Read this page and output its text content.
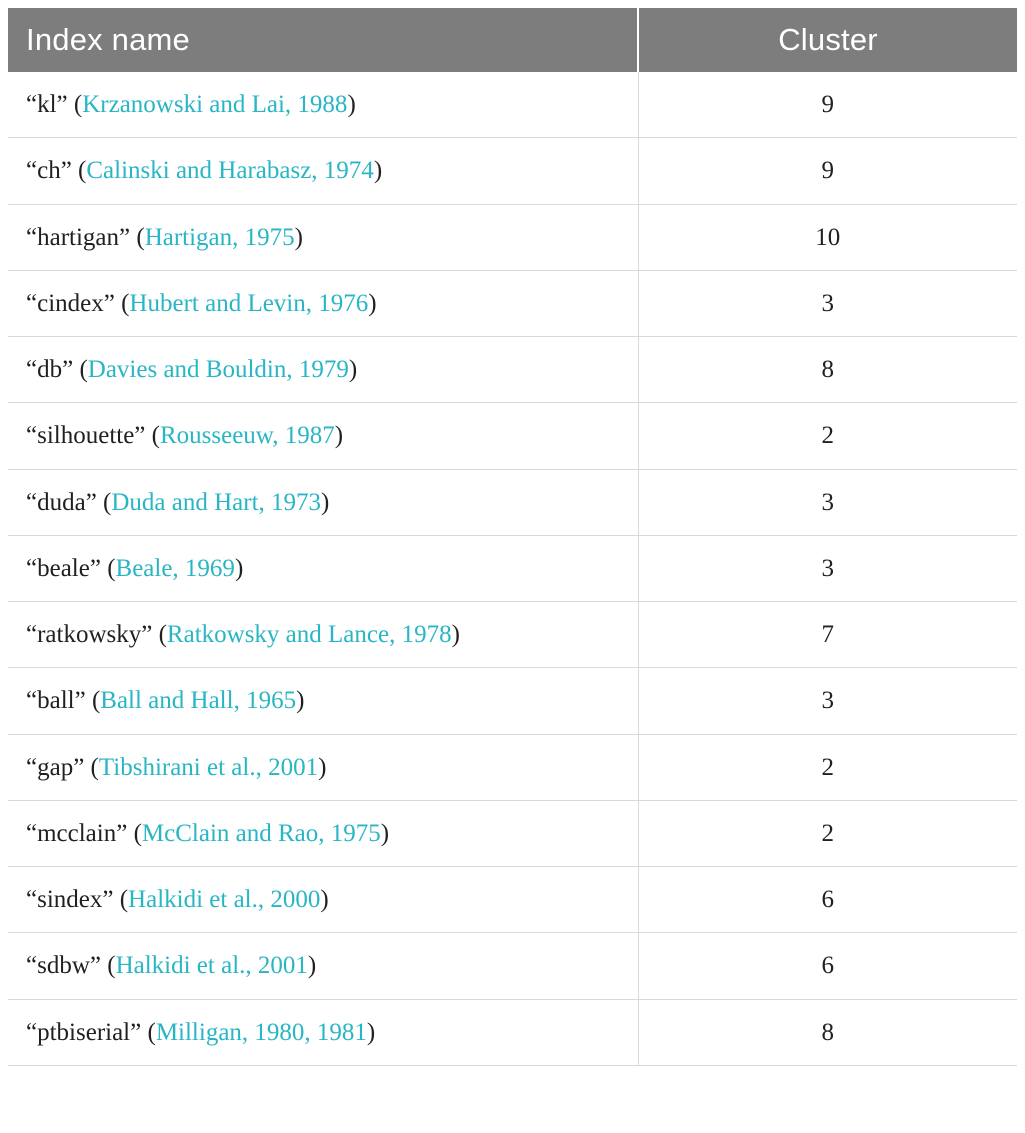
Index name	Cluster
“kl” (Krzanowski and Lai, 1988)	9
“ch” (Calinski and Harabasz, 1974)	9
“hartigan” (Hartigan, 1975)	10
“cindex” (Hubert and Levin, 1976)	3
“db” (Davies and Bouldin, 1979)	8
“silhouette” (Rousseeuw, 1987)	2
“duda” (Duda and Hart, 1973)	3
“beale” (Beale, 1969)	3
“ratkowsky” (Ratkowsky and Lance, 1978)	7
“ball” (Ball and Hall, 1965)	3
“gap” (Tibshirani et al., 2001)	2
“mcclain” (McClain and Rao, 1975)	2
“sindex” (Halkidi et al., 2000)	6
“sdbw” (Halkidi et al., 2001)	6
“ptbiserial” (Milligan, 1980, 1981)	8
